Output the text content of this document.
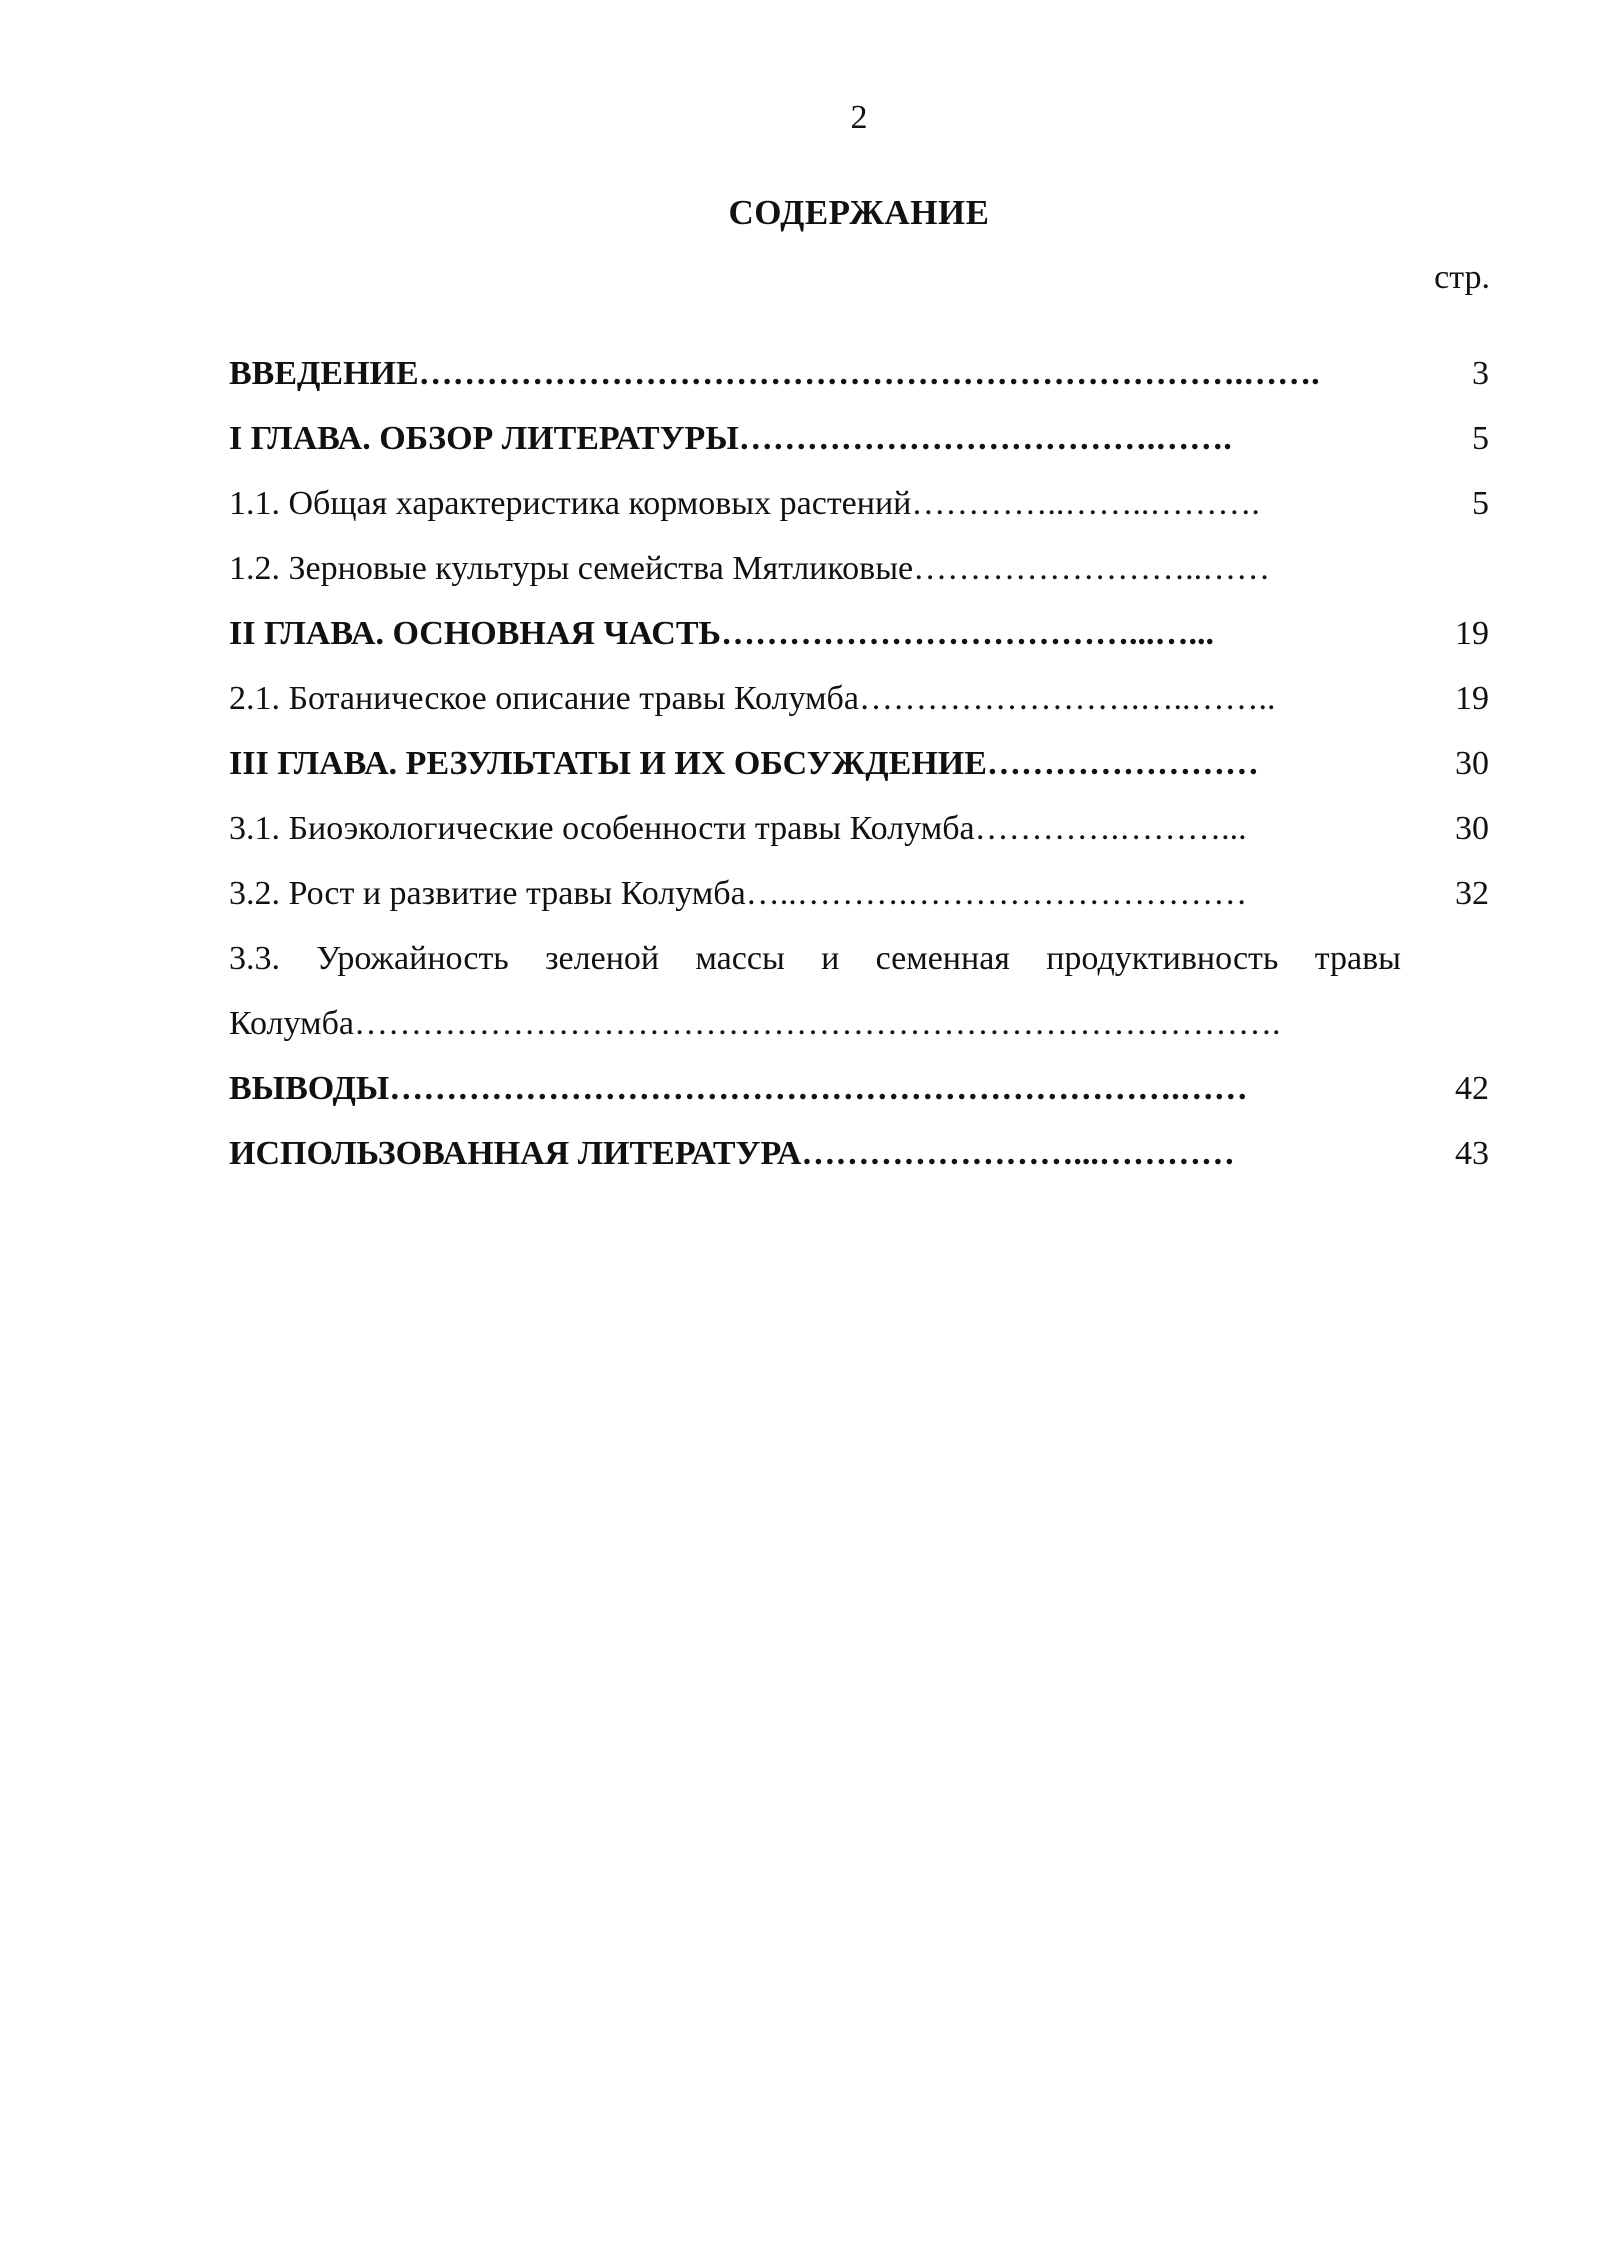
2
СОДЕРЖАНИЕ
стр.
ВВЕДЕНИЕ……………………………………………………………….…….	3
I ГЛАВА. ОБЗОР ЛИТЕРАТУРЫ……………………………….…….	5
1.1. Общая характеристика кормовых растений…………..……..……….	5
1.2. Зерновые культуры семейства Мятликовые……………………..……
II ГЛАВА. ОСНОВНАЯ ЧАСТЬ………………………………...…...	19
2.1. Ботаническое описание травы Колумба…………………….…..……..	19
III ГЛАВА. РЕЗУЛЬТАТЫ И ИХ ОБСУЖДЕНИЕ……………………	30
3.1. Биоэкологические особенности травы Колумба………….………...	30
3.2. Рост и развитие травы Колумба…..……….…………………………	32
3.3. Урожайность зеленой массы и семенная продуктивность травы Колумба……………………………………………………………………….
ВЫВОДЫ…………………………………………………………….……	42
ИСПОЛЬЗОВАННАЯ ЛИТЕРАТУРА……………………...…………	43
